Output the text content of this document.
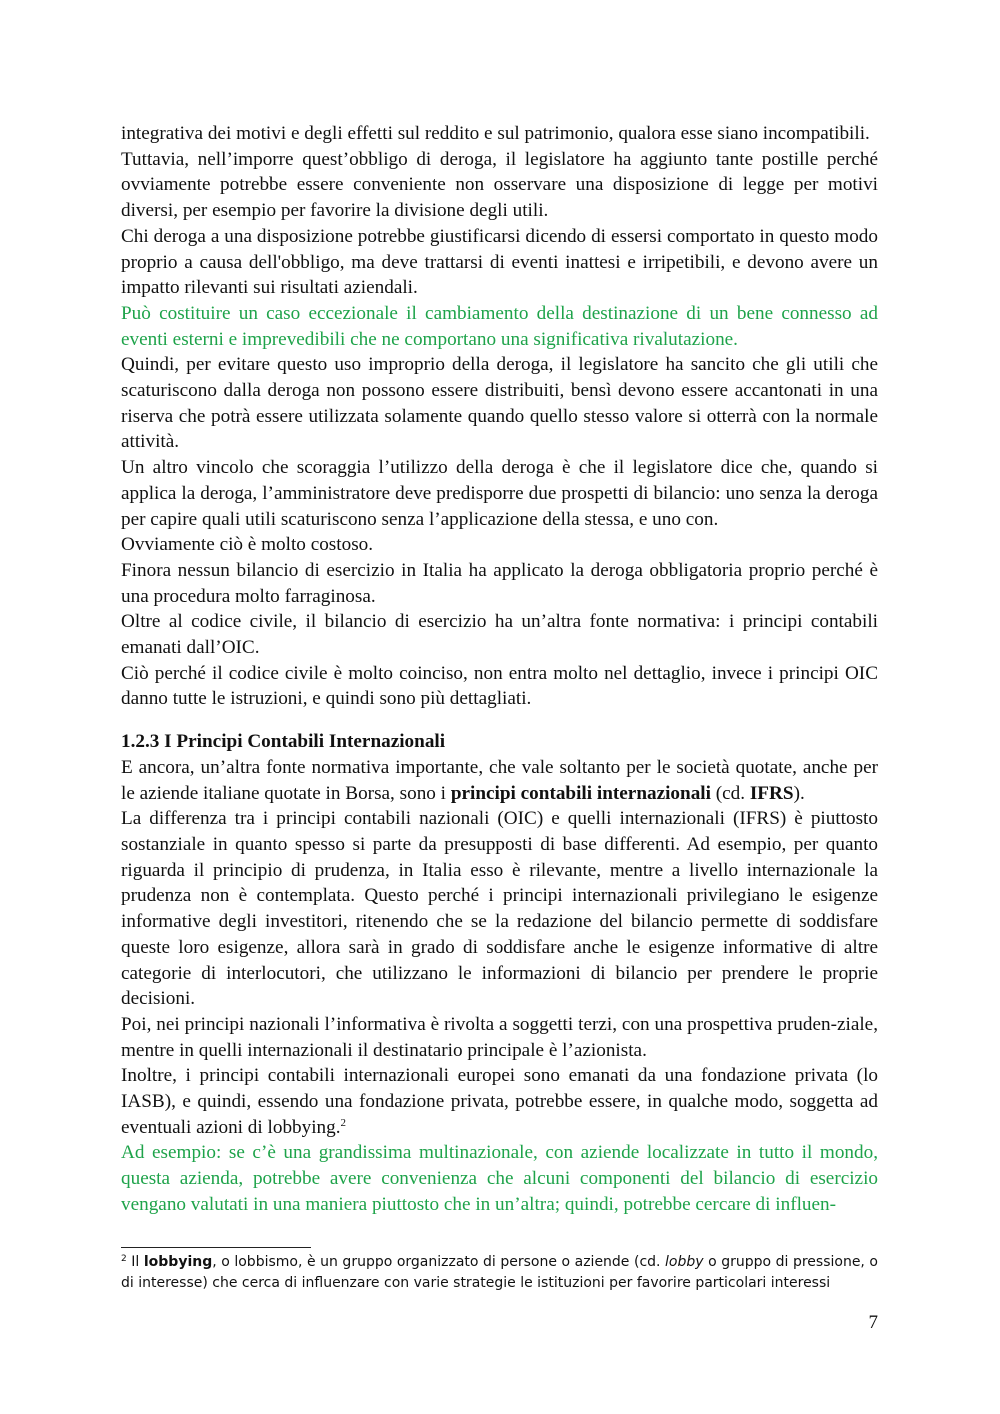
integrativa dei motivi e degli effetti sul reddito e sul patrimonio, qualora esse siano incompatibili.

Tuttavia, nell’imporre quest’obbligo di deroga, il legislatore ha aggiunto tante postille perché ovviamente potrebbe essere conveniente non osservare una disposizione di legge per motivi diversi, per esempio per favorire la divisione degli utili.

Chi deroga a una disposizione potrebbe giustificarsi dicendo di essersi comportato in questo modo proprio a causa dell'obbligo, ma deve trattarsi di eventi inattesi e irripetibili, e devono avere un impatto rilevanti sui risultati aziendali.

Può costituire un caso eccezionale il cambiamento della destinazione di un bene connesso ad eventi esterni e imprevedibili che ne comportano una significativa rivalutazione.

Quindi, per evitare questo uso improprio della deroga, il legislatore ha sancito che gli utili che scaturiscono dalla deroga non possono essere distribuiti, bensì devono essere accantonati in una riserva che potrà essere utilizzata solamente quando quello stesso valore si otterrà con la normale attività.

Un altro vincolo che scoraggia l’utilizzo della deroga è che il legislatore dice che, quando si applica la deroga, l’amministratore deve predisporre due prospetti di bilancio: uno senza la deroga per capire quali utili scaturiscono senza l’applicazione della stessa, e uno con.

Ovviamente ciò è molto costoso.

Finora nessun bilancio di esercizio in Italia ha applicato la deroga obbligatoria proprio perché è una procedura molto farraginosa.

Oltre al codice civile, il bilancio di esercizio ha un’altra fonte normativa: i principi contabili emanati dall’OIC.

Ciò perché il codice civile è molto coinciso, non entra molto nel dettaglio, invece i principi OIC danno tutte le istruzioni, e quindi sono più dettagliati.

1.2.3 I Principi Contabili Internazionali

E ancora, un’altra fonte normativa importante, che vale soltanto per le società quotate, anche per le aziende italiane quotate in Borsa, sono i principi contabili internazionali (cd. IFRS).

La differenza tra i principi contabili nazionali (OIC) e quelli internazionali (IFRS) è piuttosto sostanziale in quanto spesso si parte da presupposti di base differenti. Ad esempio, per quanto riguarda il principio di prudenza, in Italia esso è rilevante, mentre a livello internazionale la prudenza non è contemplata. Questo perché i principi internazionali privilegiano le esigenze informative degli investitori, ritenendo che se la redazione del bilancio permette di soddisfare queste loro esigenze, allora sarà in grado di soddisfare anche le esigenze informative di altre categorie di interlocutori, che utilizzano le informazioni di bilancio per prendere le proprie decisioni.

Poi, nei principi nazionali l’informativa è rivolta a soggetti terzi, con una prospettiva pruden-ziale, mentre in quelli internazionali il destinatario principale è l’azionista.

Inoltre, i principi contabili internazionali europei sono emanati da una fondazione privata (lo IASB), e quindi, essendo una fondazione privata, potrebbe essere, in qualche modo, soggetta ad eventuali azioni di lobbying.$^2$

Ad esempio: se c’è una grandissima multinazionale, con aziende localizzate in tutto il mondo, questa azienda, potrebbe avere convenienza che alcuni componenti del bilancio di esercizio vengano valutati in una maniera piuttosto che in un’altra; quindi, potrebbe cercare di influen-

$^2$ Il lobbying, o lobbismo, è un gruppo organizzato di persone o aziende (cd. lobby o gruppo di pressione, o di interesse) che cerca di influenzare con varie strategie le istituzioni per favorire particolari interessi
7
